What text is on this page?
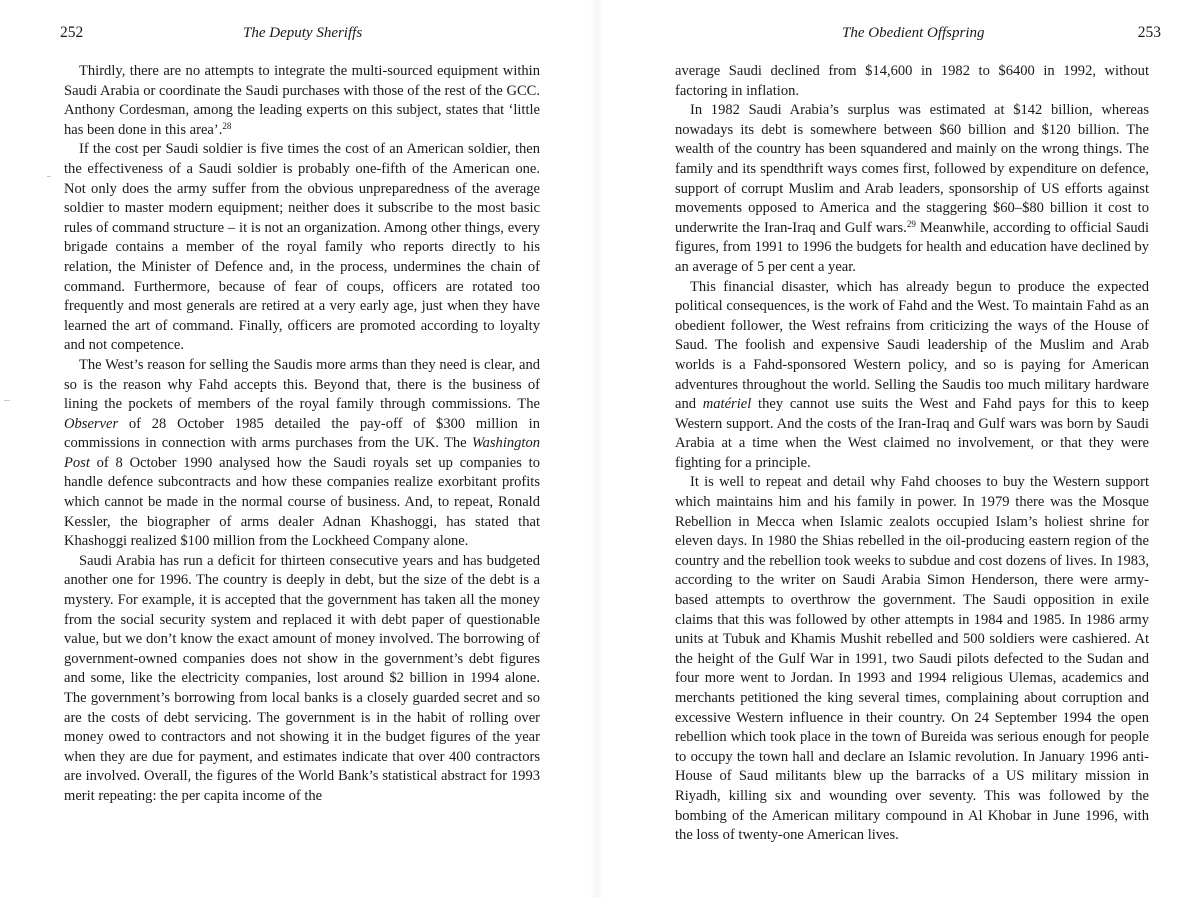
252	The Deputy Sheriffs

Thirdly, there are no attempts to integrate the multi-sourced equipment within Saudi Arabia or coordinate the Saudi purchases with those of the rest of the GCC. Anthony Cordesman, among the leading experts on this subject, states that ‘little has been done in this area’.$^{28}$

If the cost per Saudi soldier is five times the cost of an American soldier, then the effectiveness of a Saudi soldier is probably one-fifth of the American one. Not only does the army suffer from the obvious unpreparedness of the average soldier to master modern equipment; neither does it subscribe to the most basic rules of command structure – it is not an organization. Among other things, every brigade contains a member of the royal family who reports directly to his relation, the Minister of Defence and, in the process, undermines the chain of command. Furthermore, because of fear of coups, officers are rotated too frequently and most generals are retired at a very early age, just when they have learned the art of command. Finally, officers are promoted according to loyalty and not competence.

The West’s reason for selling the Saudis more arms than they need is clear, and so is the reason why Fahd accepts this. Beyond that, there is the business of lining the pockets of members of the royal family through commissions. The Observer of 28 October 1985 detailed the pay-off of $300 million in commissions in connection with arms purchases from the UK. The Washington Post of 8 October 1990 analysed how the Saudi royals set up companies to handle defence subcontracts and how these companies realize exorbitant profits which cannot be made in the normal course of business. And, to repeat, Ronald Kessler, the biographer of arms dealer Adnan Khashoggi, has stated that Khashoggi realized $100 million from the Lockheed Company alone.

Saudi Arabia has run a deficit for thirteen consecutive years and has budgeted another one for 1996. The country is deeply in debt, but the size of the debt is a mystery. For example, it is accepted that the government has taken all the money from the social security system and replaced it with debt paper of questionable value, but we don’t know the exact amount of money involved. The borrowing of government-owned companies does not show in the government’s debt figures and some, like the electricity companies, lost around $2 billion in 1994 alone. The government’s borrowing from local banks is a closely guarded secret and so are the costs of debt servicing. The government is in the habit of rolling over money owed to contractors and not showing it in the budget figures of the year when they are due for payment, and estimates indicate that over 400 contractors are involved. Overall, the figures of the World Bank’s statistical abstract for 1993 merit repeating: the per capita income of the

The Obedient Offspring	253

average Saudi declined from $14,600 in 1982 to $6400 in 1992, without factoring in inflation.

In 1982 Saudi Arabia’s surplus was estimated at $142 billion, whereas nowadays its debt is somewhere between $60 billion and $120 billion. The wealth of the country has been squandered and mainly on the wrong things. The family and its spendthrift ways comes first, followed by expenditure on defence, support of corrupt Muslim and Arab leaders, sponsorship of US efforts against movements opposed to America and the staggering $60–$80 billion it cost to underwrite the Iran-Iraq and Gulf wars.$^{29}$ Meanwhile, according to official Saudi figures, from 1991 to 1996 the budgets for health and education have declined by an average of 5 per cent a year.

This financial disaster, which has already begun to produce the expected political consequences, is the work of Fahd and the West. To maintain Fahd as an obedient follower, the West refrains from criticizing the ways of the House of Saud. The foolish and expensive Saudi leadership of the Muslim and Arab worlds is a Fahd-sponsored Western policy, and so is paying for American adventures throughout the world. Selling the Saudis too much military hardware and matériel they cannot use suits the West and Fahd pays for this to keep Western support. And the costs of the Iran-Iraq and Gulf wars was born by Saudi Arabia at a time when the West claimed no involvement, or that they were fighting for a principle.

It is well to repeat and detail why Fahd chooses to buy the Western support which maintains him and his family in power. In 1979 there was the Mosque Rebellion in Mecca when Islamic zealots occupied Islam’s holiest shrine for eleven days. In 1980 the Shias rebelled in the oil-producing eastern region of the country and the rebellion took weeks to subdue and cost dozens of lives. In 1983, according to the writer on Saudi Arabia Simon Henderson, there were army-based attempts to overthrow the government. The Saudi opposition in exile claims that this was followed by other attempts in 1984 and 1985. In 1986 army units at Tubuk and Khamis Mushit rebelled and 500 soldiers were cashiered. At the height of the Gulf War in 1991, two Saudi pilots defected to the Sudan and four more went to Jordan. In 1993 and 1994 religious Ulemas, academics and merchants petitioned the king several times, complaining about corruption and excessive Western influence in their country. On 24 September 1994 the open rebellion which took place in the town of Bureida was serious enough for people to occupy the town hall and declare an Islamic revolution. In January 1996 anti-House of Saud militants blew up the barracks of a US military mission in Riyadh, killing six and wounding over seventy. This was followed by the bombing of the American military compound in Al Khobar in June 1996, with the loss of twenty-one American lives.
